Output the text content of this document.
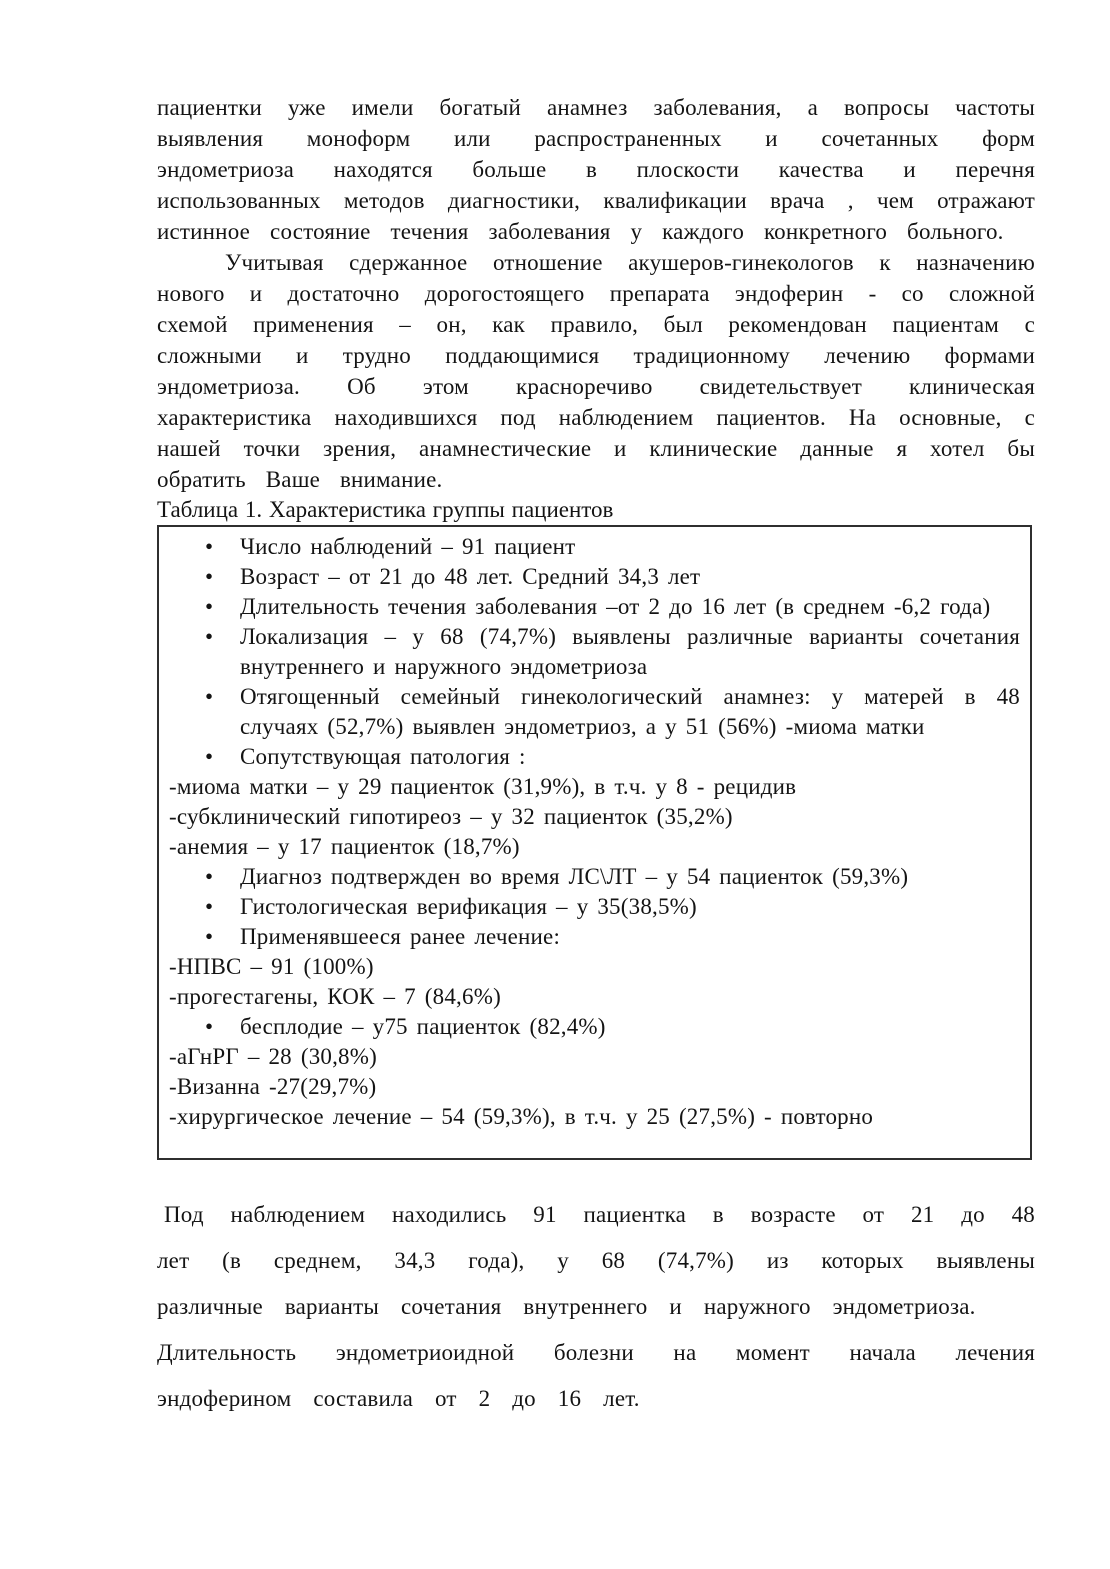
пациентки уже имели богатый анамнез заболевания, а вопросы частоты выявления моноформ или распространенных и сочетанных форм эндометриоза находятся больше в плоскости качества и перечня использованных методов диагностики, квалификации врача , чем отражают истинное состояние течения заболевания у каждого конкретного больного.

Учитывая сдержанное отношение акушеров-гинекологов к назначению нового и достаточно дорогостоящего препарата эндоферин - со сложной схемой применения – он, как правило, был рекомендован пациентам с сложными и трудно поддающимися традиционному лечению формами эндометриоза. Об этом красноречиво свидетельствует клиническая характеристика находившихся под наблюдением пациентов. На основные, с нашей точки зрения, анамнестические и клинические данные я хотел бы обратить Ваше внимание.

Таблица 1. Характеристика группы пациентов

•	Число наблюдений – 91 пациент
•	Возраст – от 21 до 48 лет. Средний 34,3 лет
•	Длительность течения заболевания –от 2 до 16 лет (в среднем -6,2 года)
•	Локализация – у 68 (74,7%) выявлены различные варианты сочетания внутреннего и наружного эндометриоза
•	Отягощенный семейный гинекологический анамнез: у матерей в 48 случаях (52,7%) выявлен эндометриоз, а у 51 (56%) -миома матки
•	Сопутствующая патология :
-миома матки – у 29 пациенток (31,9%), в т.ч. у 8 - рецидив
-субклинический гипотиреоз – у 32 пациенток (35,2%)
-анемия – у 17 пациенток (18,7%)
•	Диагноз подтвержден во время ЛС\ЛТ – у 54 пациенток (59,3%)
•	Гистологическая верификация – у 35(38,5%)
•	Применявшееся ранее лечение:
-НПВС – 91 (100%)
-прогестагены, КОК – 7 (84,6%)
•	бесплодие – у75 пациенток (82,4%)
-аГнРГ – 28 (30,8%)
-Визанна -27(29,7%)
-хирургическое лечение – 54 (59,3%), в т.ч. у 25 (27,5%) - повторно

Под наблюдением находились 91 пациентка в возрасте от 21 до 48 лет (в среднем, 34,3 года), у 68 (74,7%) из которых выявлены различные варианты сочетания внутреннего и наружного эндометриоза.

Длительность эндометриоидной болезни на момент начала лечения эндоферином составила от 2 до 16 лет.
